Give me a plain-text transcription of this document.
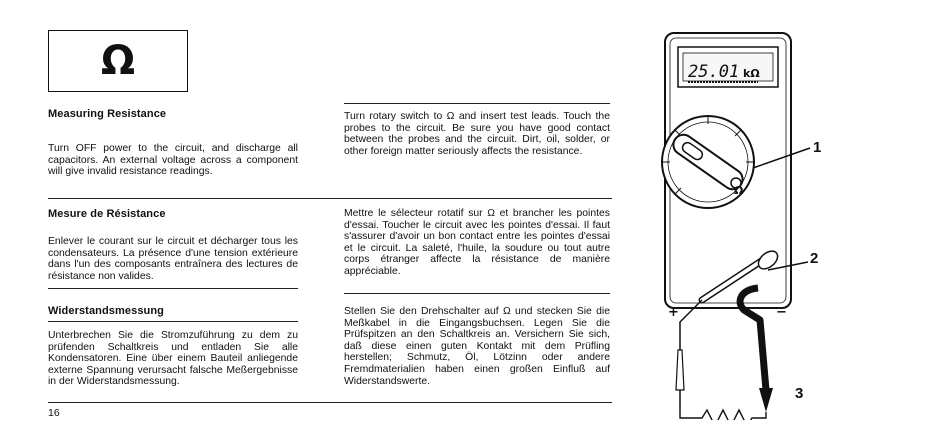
Ω
Measuring Resistance

Turn OFF power to the circuit, and discharge all capacitors. An external voltage across a component will give invalid resistance readings.

Turn rotary switch to Ω and insert test leads. Touch the probes to the circuit. Be sure you have good contact between the probes and the circuit. Dirt, oil, solder, or other foreign matter seriously affects the resistance.

Mesure de Résistance

Enlever le courant sur le circuit et décharger tous les condensateurs. La présence d'une tension extérieure dans l'un des composants entraînera des lectures de résistance non valides.

Mettre le sélecteur rotatif sur Ω et brancher les pointes d'essai. Toucher le circuit avec les pointes d'essai. Il faut s'assurer d'avoir un bon contact entre les pointes d'essai et le circuit. La saleté, l'huile, la soudure ou tout autre corps étranger affecte la résistance de manière appréciable.

Widerstandsmessung

Unterbrechen Sie die Stromzuführung zu dem zu prüfenden Schaltkreis und entladen Sie alle Kondensatoren. Eine über einem Bauteil anliegende externe Spannung verursacht falsche Meßergebnisse in der Widerstandsmessung.

Stellen Sie den Drehschalter auf Ω und stecken Sie die Meßkabel in die Eingangsbuchsen. Legen Sie die Prüfspitzen an den Schaltkreis an. Versichern Sie sich, daß diese einen guten Kontakt mit dem Prüfling herstellen; Schmutz, Öl, Lötzinn oder andere Fremdmaterialien haben einen großen Einfluß auf Widerstandswerte.

16
25.01 kΩ
Ω
+	−
1
2
3
